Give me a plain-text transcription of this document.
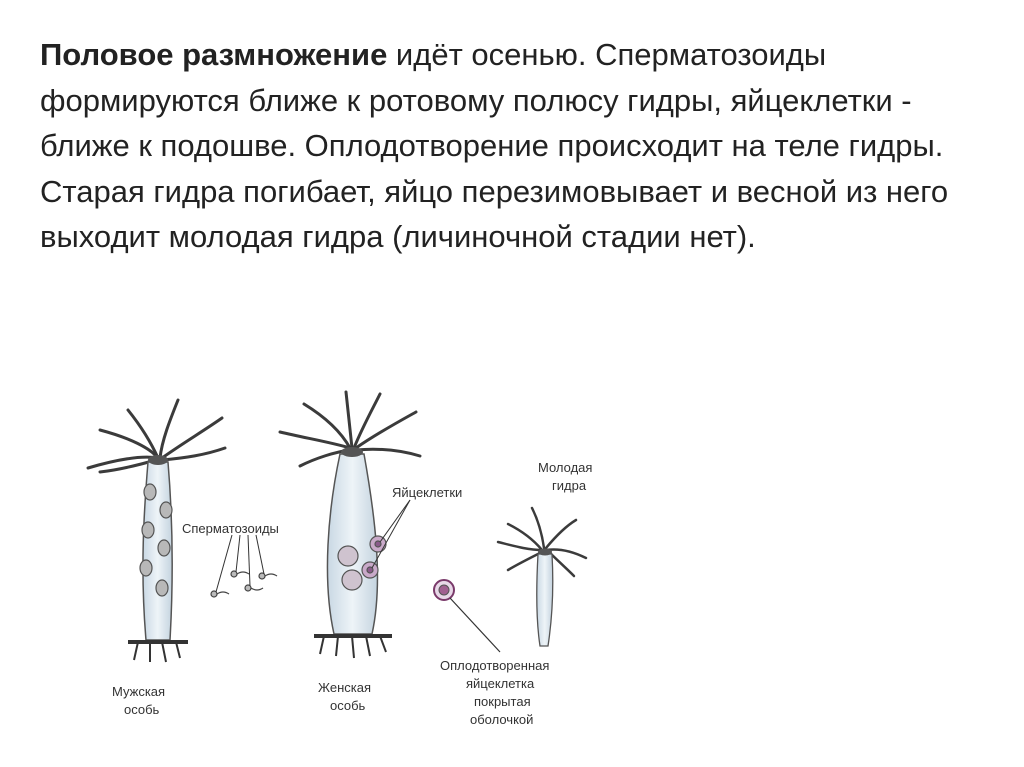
Половое размножение идёт осенью. Сперматозоиды формируются ближе к ротовому полюсу гидры, яйцеклетки - ближе к подошве. Оплодотворение происходит на теле гидры. Старая гидра погибает, яйцо перезимовывает и весной из него выходит молодая гидра (личиночной стадии нет).

Сперматозоиды
Яйцеклетки
Молодая
гидра
Мужская
особь
Женская
особь
Оплодотворенная
яйцеклетка
покрытая
оболочкой
